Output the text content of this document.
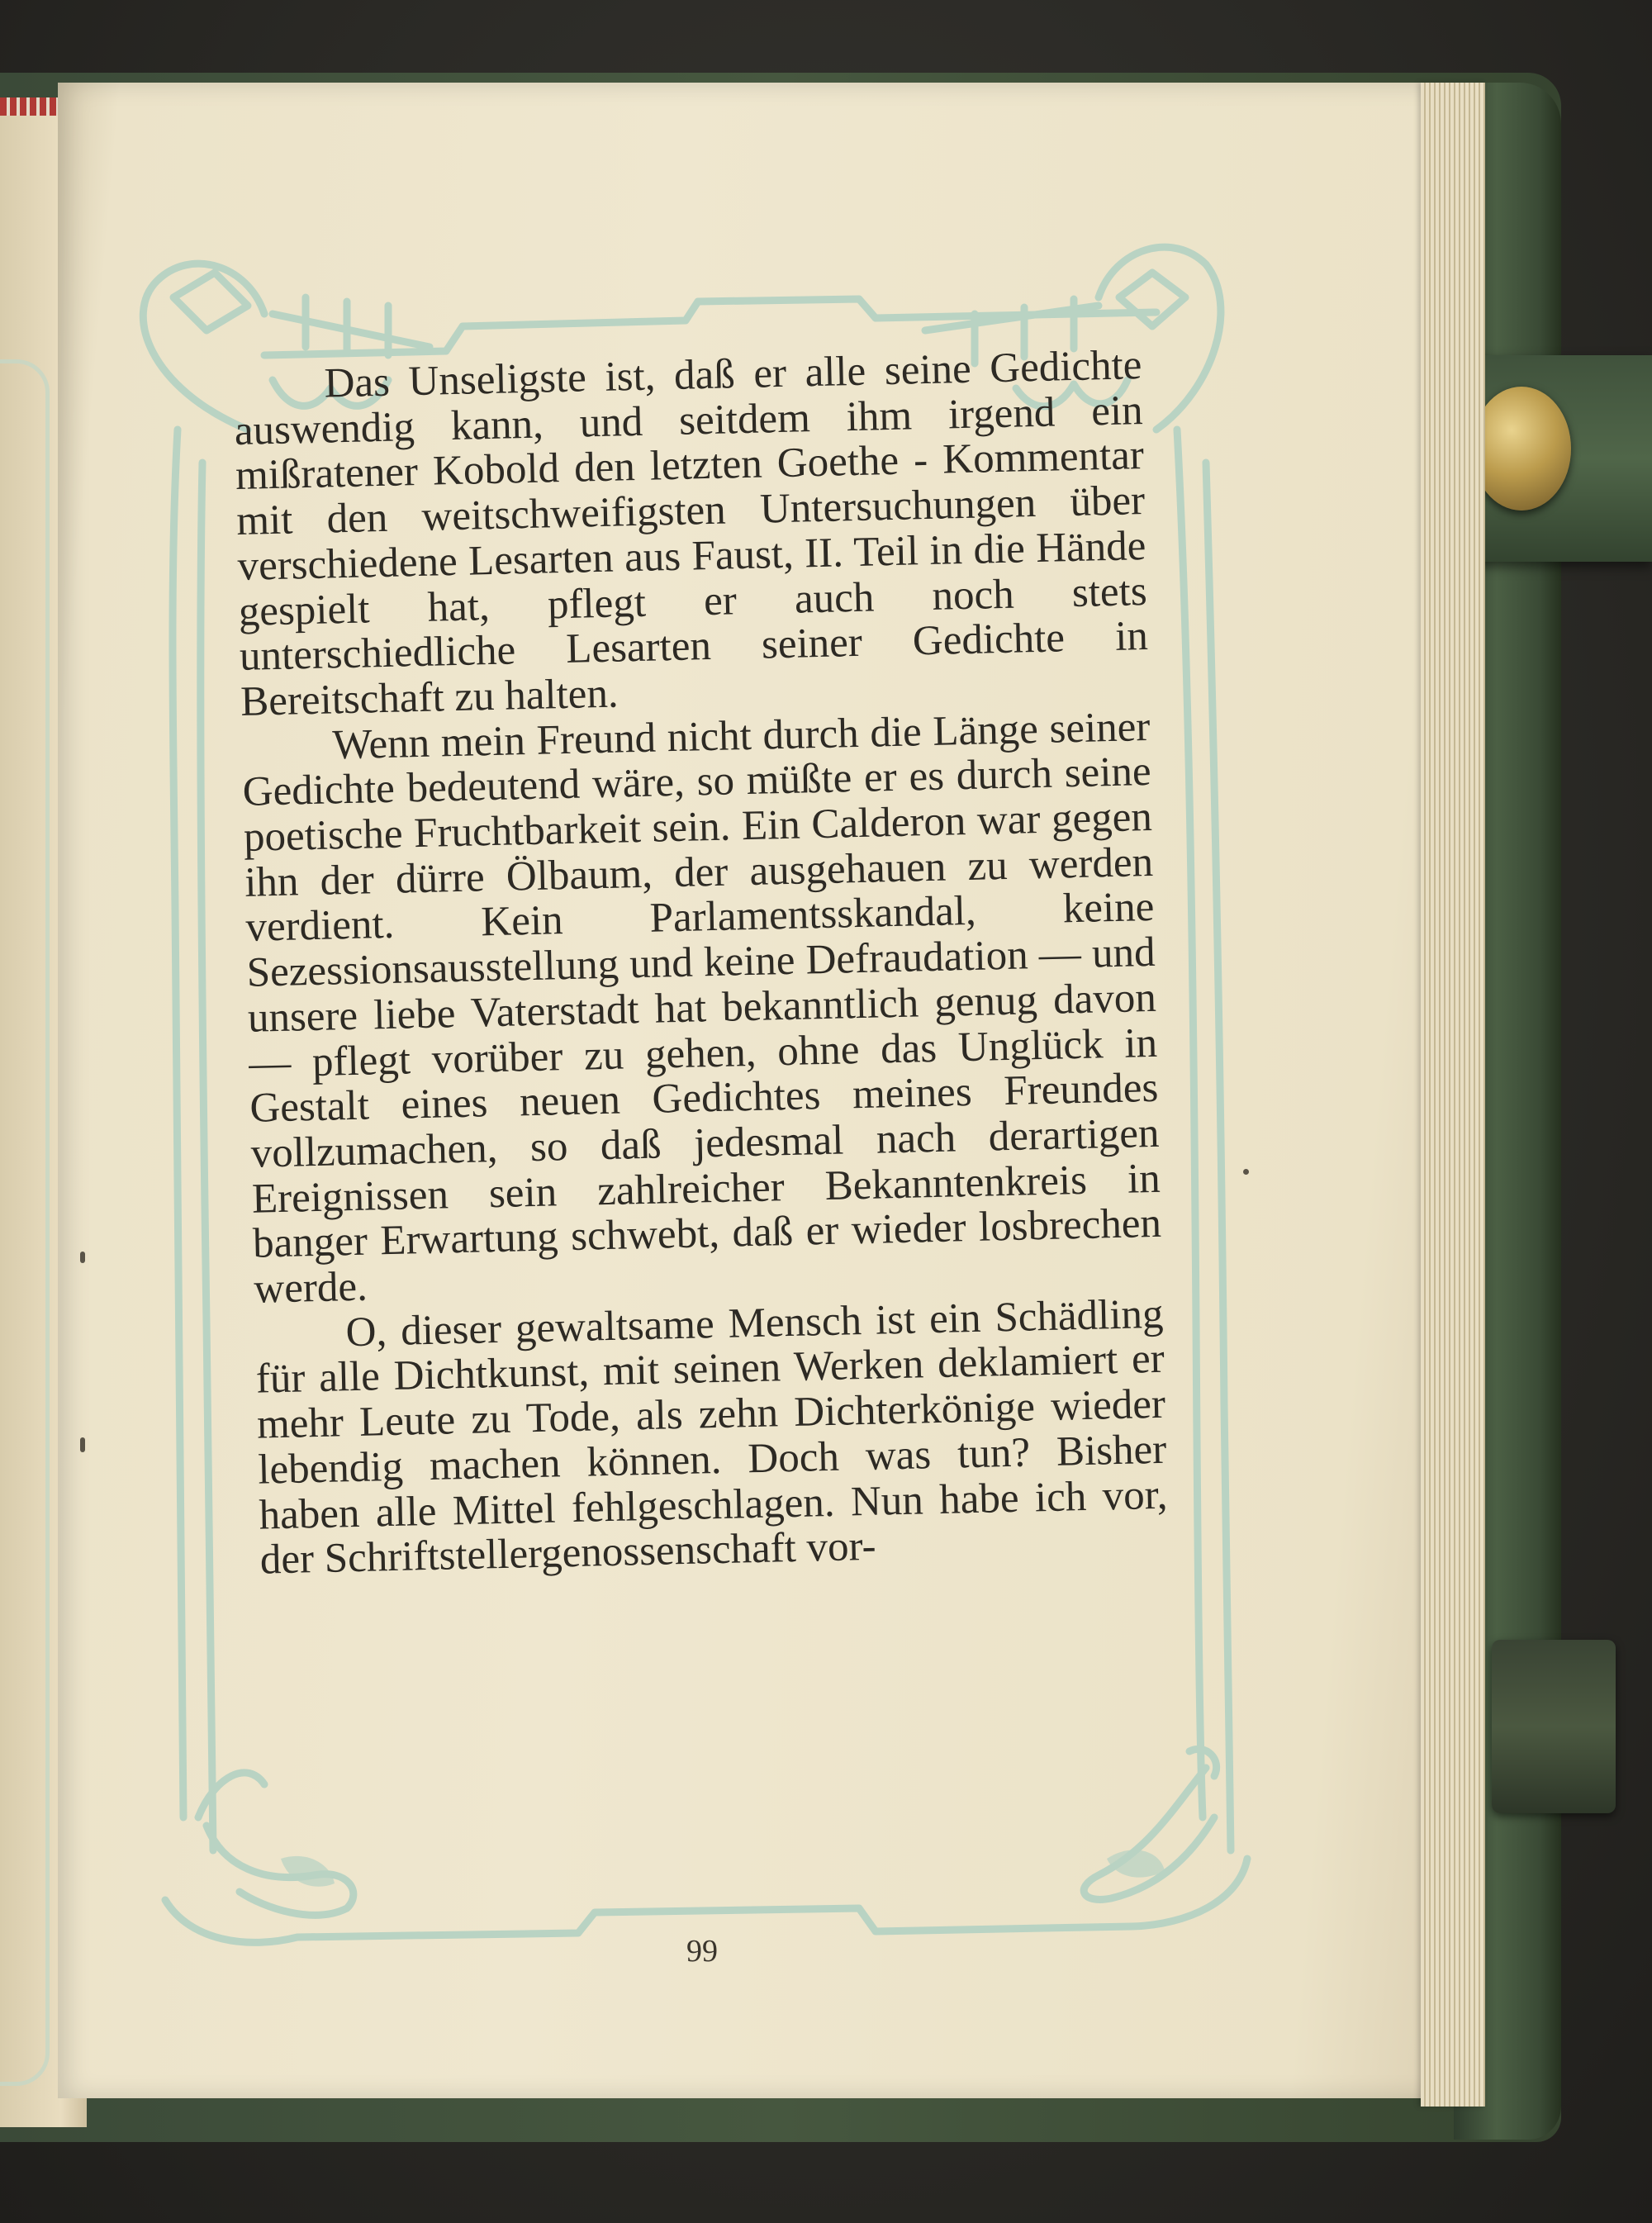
Das Unseligste ist, daß er alle seine Gedichte auswendig kann, und seitdem ihm irgend ein mißratener Kobold den letzten Goethe - Kommentar mit den weitschweifigsten Untersuchungen über verschiedene Lesarten aus Faust, II. Teil in die Hände gespielt hat, pflegt er auch noch stets unterschiedliche Lesarten seiner Gedichte in Bereitschaft zu halten.

Wenn mein Freund nicht durch die Länge seiner Gedichte bedeutend wäre, so müßte er es durch seine poetische Fruchtbarkeit sein. Ein Calderon war gegen ihn der dürre Ölbaum, der ausgehauen zu werden verdient. Kein Parlamentsskandal, keine Sezessionsausstellung und keine Defraudation — und unsere liebe Vaterstadt hat bekanntlich genug davon — pflegt vorüber zu gehen, ohne das Unglück in Gestalt eines neuen Gedichtes meines Freundes vollzumachen, so daß jedesmal nach derartigen Ereignissen sein zahlreicher Bekanntenkreis in banger Erwartung schwebt, daß er wieder losbrechen werde.

O, dieser gewaltsame Mensch ist ein Schädling für alle Dichtkunst, mit seinen Werken deklamiert er mehr Leute zu Tode, als zehn Dichterkönige wieder lebendig machen können. Doch was tun? Bisher haben alle Mittel fehlgeschlagen. Nun habe ich vor, der Schriftstellergenossenschaft vor-

99
